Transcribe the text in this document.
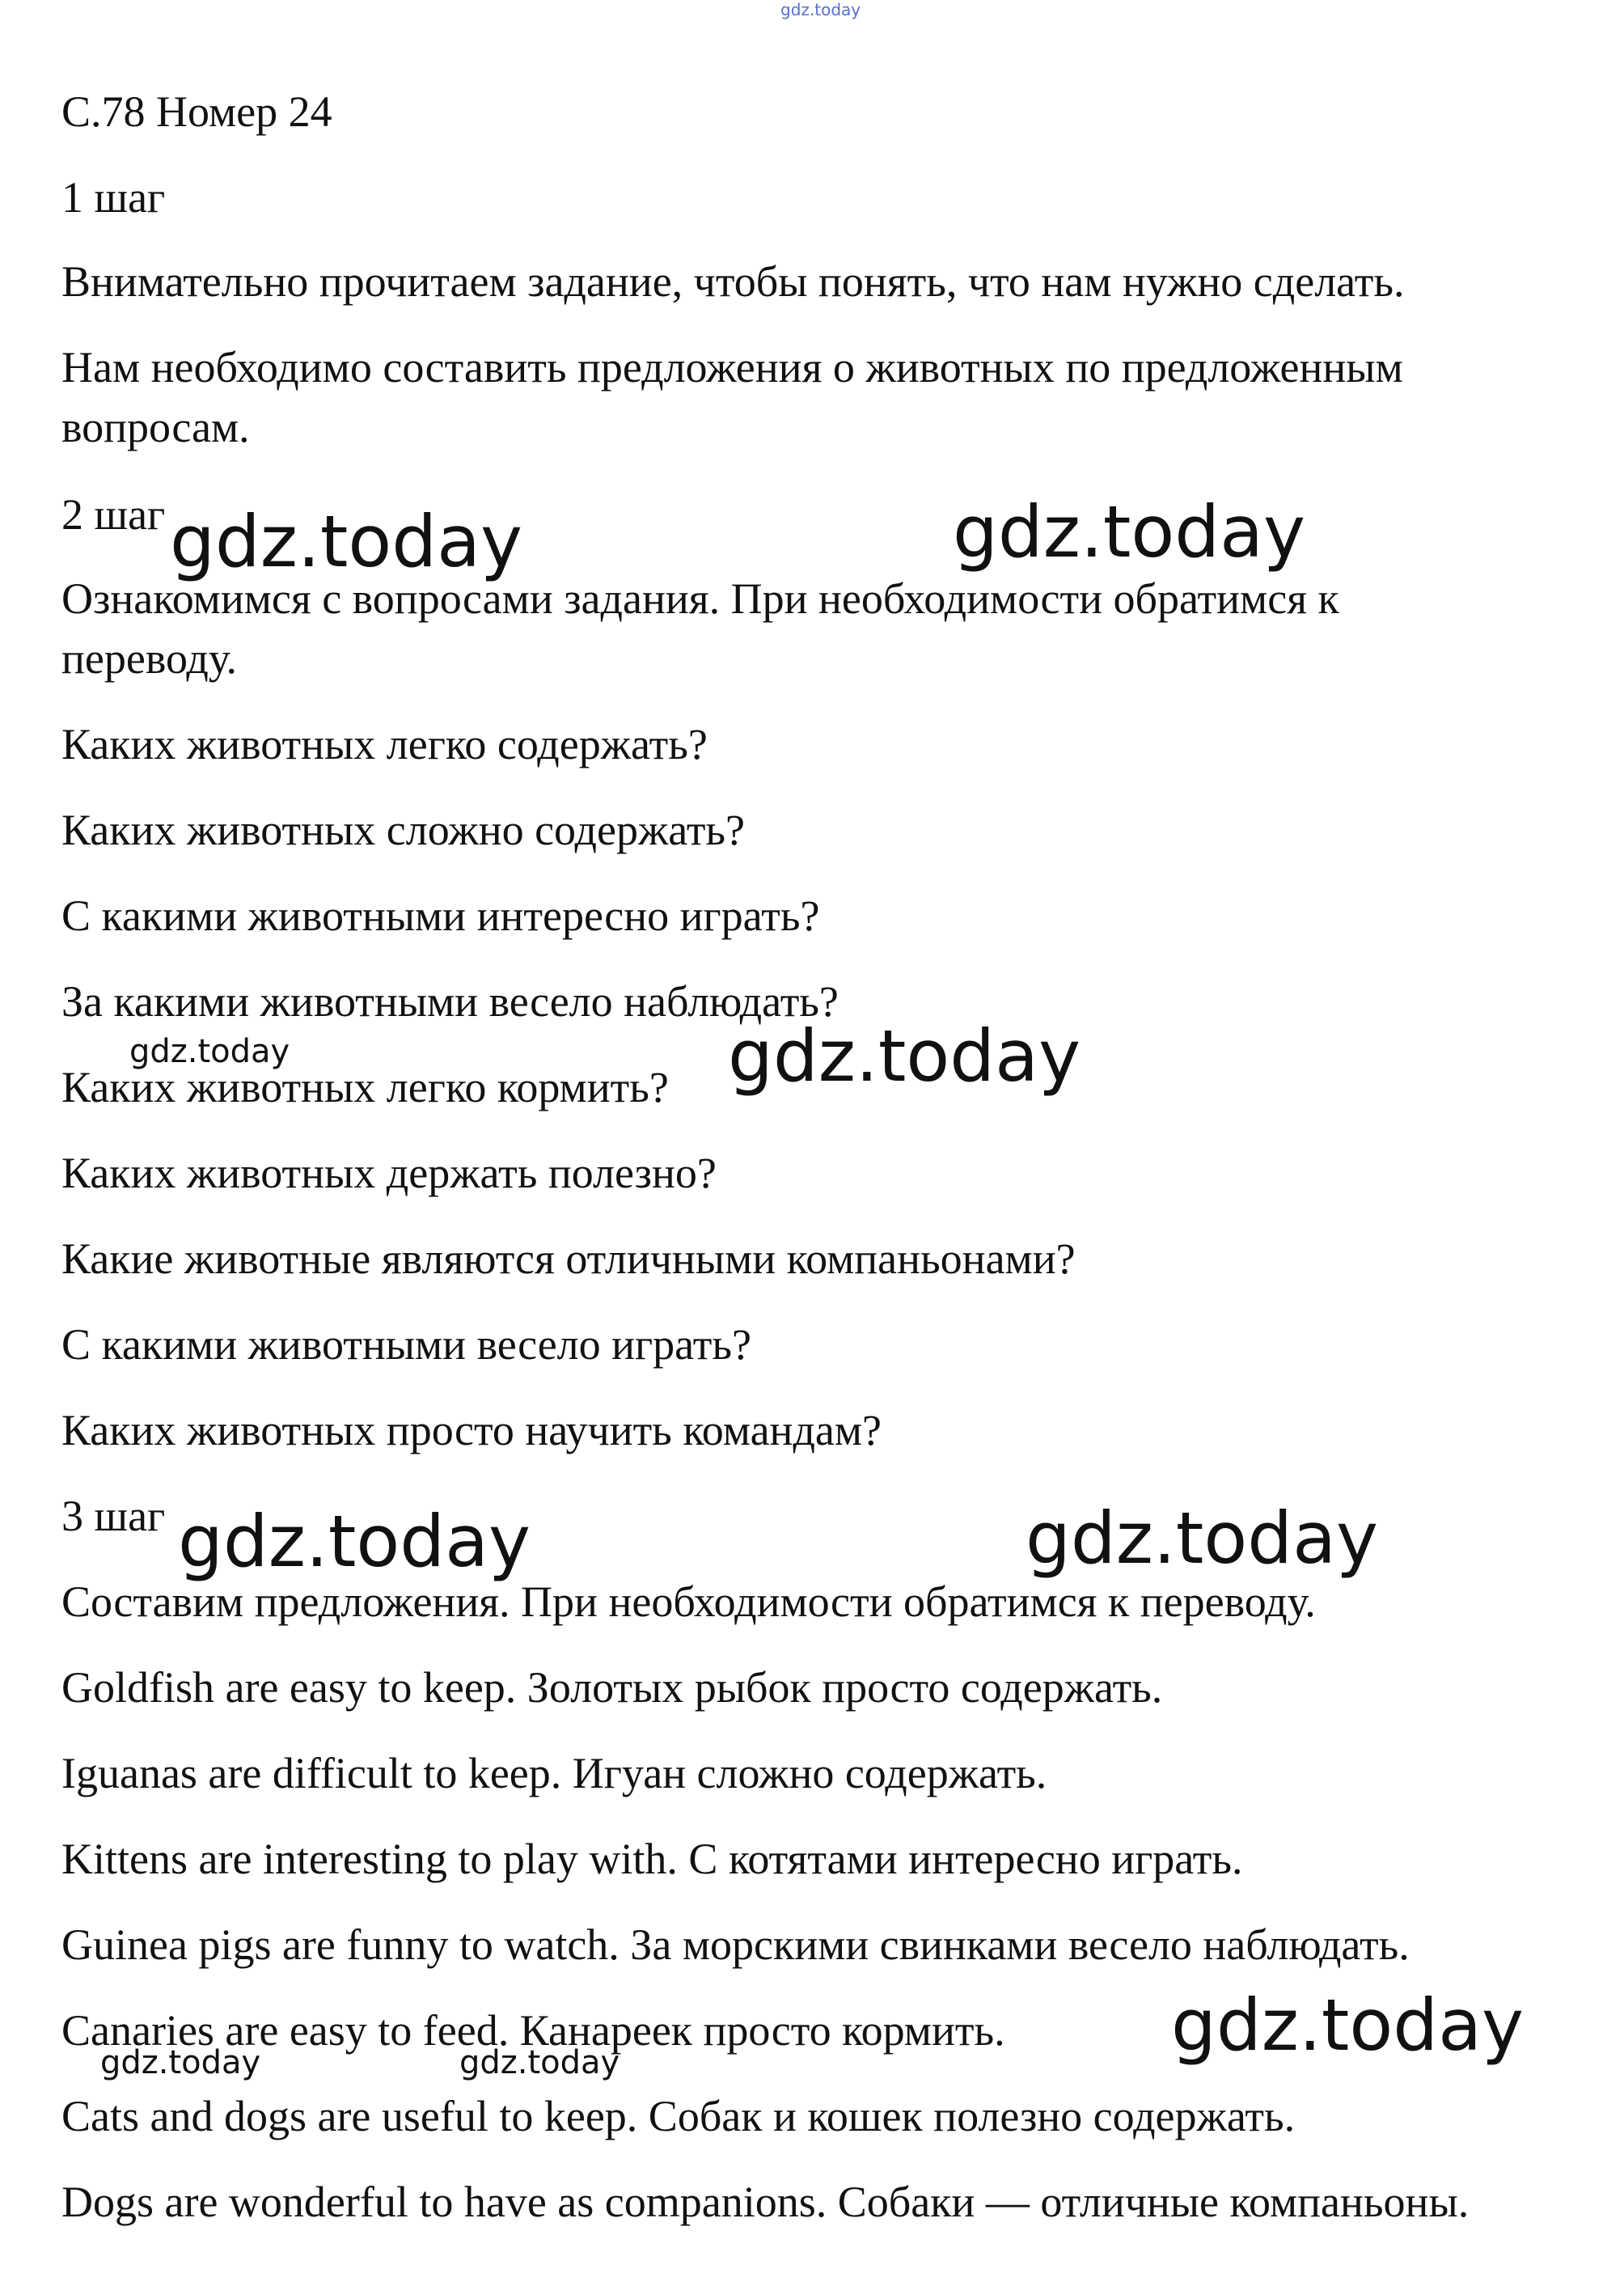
gdz.today
С.78 Номер 24
1 шаг
Внимательно прочитаем задание, чтобы понять, что нам нужно сделать.
Нам необходимо составить предложения о животных по предложенным
вопросам.
2 шаг
Ознакомимся с вопросами задания. При необходимости обратимся к
переводу.
Каких животных легко содержать?
Каких животных сложно содержать?
С какими животными интересно играть?
За какими животными весело наблюдать?
Каких животных легко кормить?
Каких животных держать полезно?
Какие животные являются отличными компаньонами?
С какими животными весело играть?
Каких животных просто научить командам?
3 шаг
Составим предложения. При необходимости обратимся к переводу.
Goldfish are easy to keep. Золотых рыбок просто содержать.
Iguanas are difficult to keep. Игуан сложно содержать.
Kittens are interesting to play with. С котятами интересно играть.
Guinea pigs are funny to watch. За морскими свинками весело наблюдать.
Canaries are easy to feed. Канареек просто кормить.
Cats and dogs are useful to keep. Собак и кошек полезно содержать.
Dogs are wonderful to have as companions. Собаки — отличные компаньоны.
gdz.today	gdz.today
gdz.today	gdz.today
gdz.today	gdz.today
gdz.today
gdz.today	gdz.today
